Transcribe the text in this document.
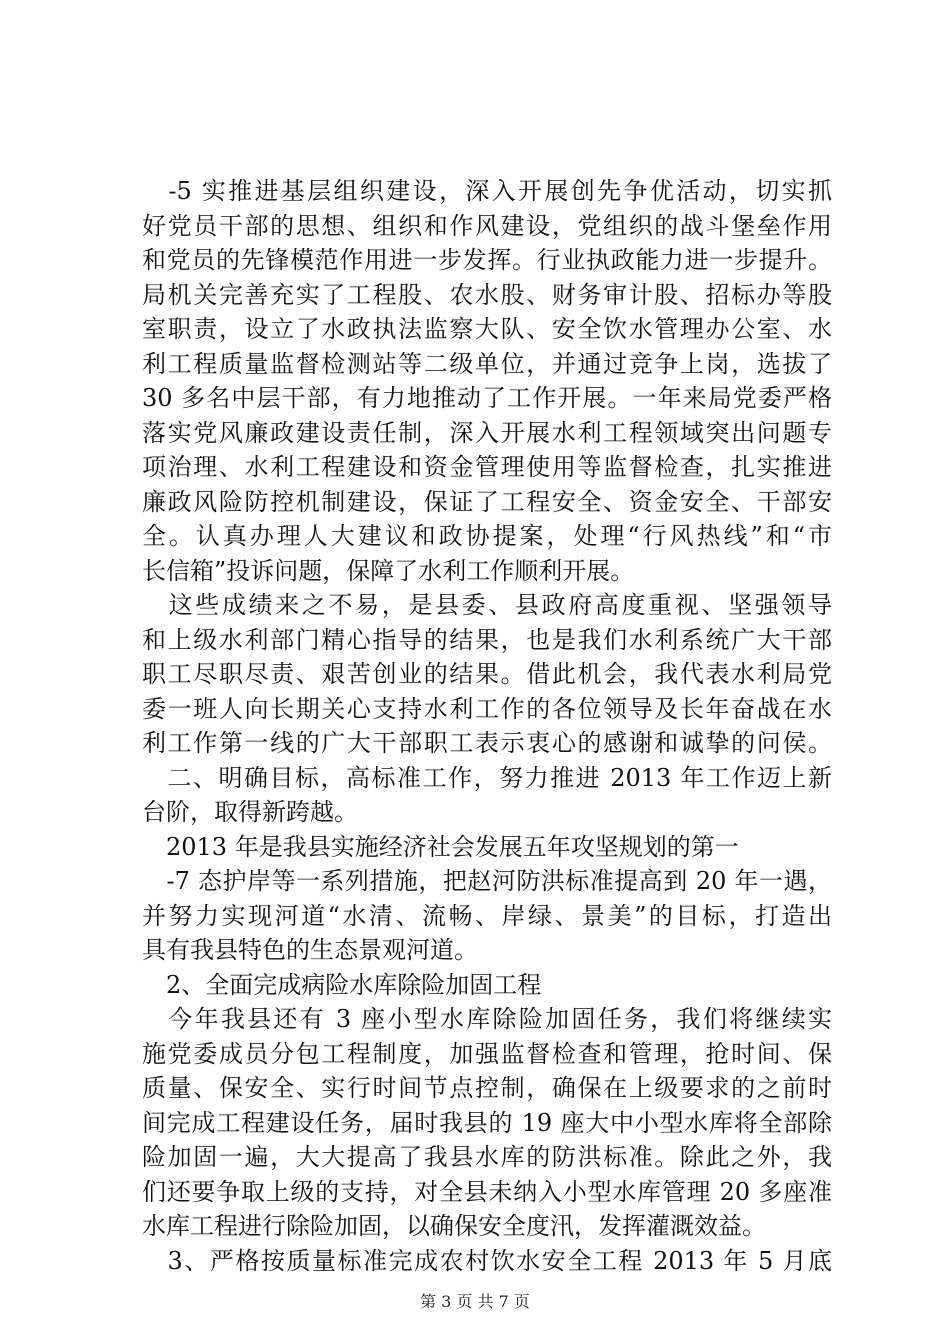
　-5 实推进基层组织建设，深入开展创先争优活动，切实抓
好党员干部的思想、组织和作风建设，党组织的战斗堡垒作用
和党员的先锋模范作用进一步发挥。行业执政能力进一步提升。
局机关完善充实了工程股、农水股、财务审计股、招标办等股
室职责，设立了水政执法监察大队、安全饮水管理办公室、水
利工程质量监督检测站等二级单位，并通过竞争上岗，选拔了
30 多名中层干部，有力地推动了工作开展。一年来局党委严格
落实党风廉政建设责任制，深入开展水利工程领域突出问题专
项治理、水利工程建设和资金管理使用等监督检查，扎实推进
廉政风险防控机制建设，保证了工程安全、资金安全、干部安
全。认真办理人大建议和政协提案，处理“行风热线”和“市
长信箱”投诉问题，保障了水利工作顺利开展。
　这些成绩来之不易，是县委、县政府高度重视、坚强领导
和上级水利部门精心指导的结果，也是我们水利系统广大干部
职工尽职尽责、艰苦创业的结果。借此机会，我代表水利局党
委一班人向长期关心支持水利工作的各位领导及长年奋战在水
利工作第一线的广大干部职工表示衷心的感谢和诚挚的问侯。
　二、明确目标，高标准工作，努力推进 2013 年工作迈上新
台阶，取得新跨越。
　2013 年是我县实施经济社会发展五年攻坚规划的第一
　-7 态护岸等一系列措施，把赵河防洪标准提高到 20 年一遇，
并努力实现河道“水清、流畅、岸绿、景美”的目标，打造出
具有我县特色的生态景观河道。
　2、全面完成病险水库除险加固工程
　今年我县还有 3 座小型水库除险加固任务，我们将继续实
施党委成员分包工程制度，加强监督检查和管理，抢时间、保
质量、保安全、实行时间节点控制，确保在上级要求的之前时
间完成工程建设任务，届时我县的 19 座大中小型水库将全部除
险加固一遍，大大提高了我县水库的防洪标准。除此之外，我
们还要争取上级的支持，对全县未纳入小型水库管理 20 多座准
水库工程进行除险加固，以确保安全度汛，发挥灌溉效益。
　3、严格按质量标准完成农村饮水安全工程 2013 年 5 月底
第 3 页 共 7 页
